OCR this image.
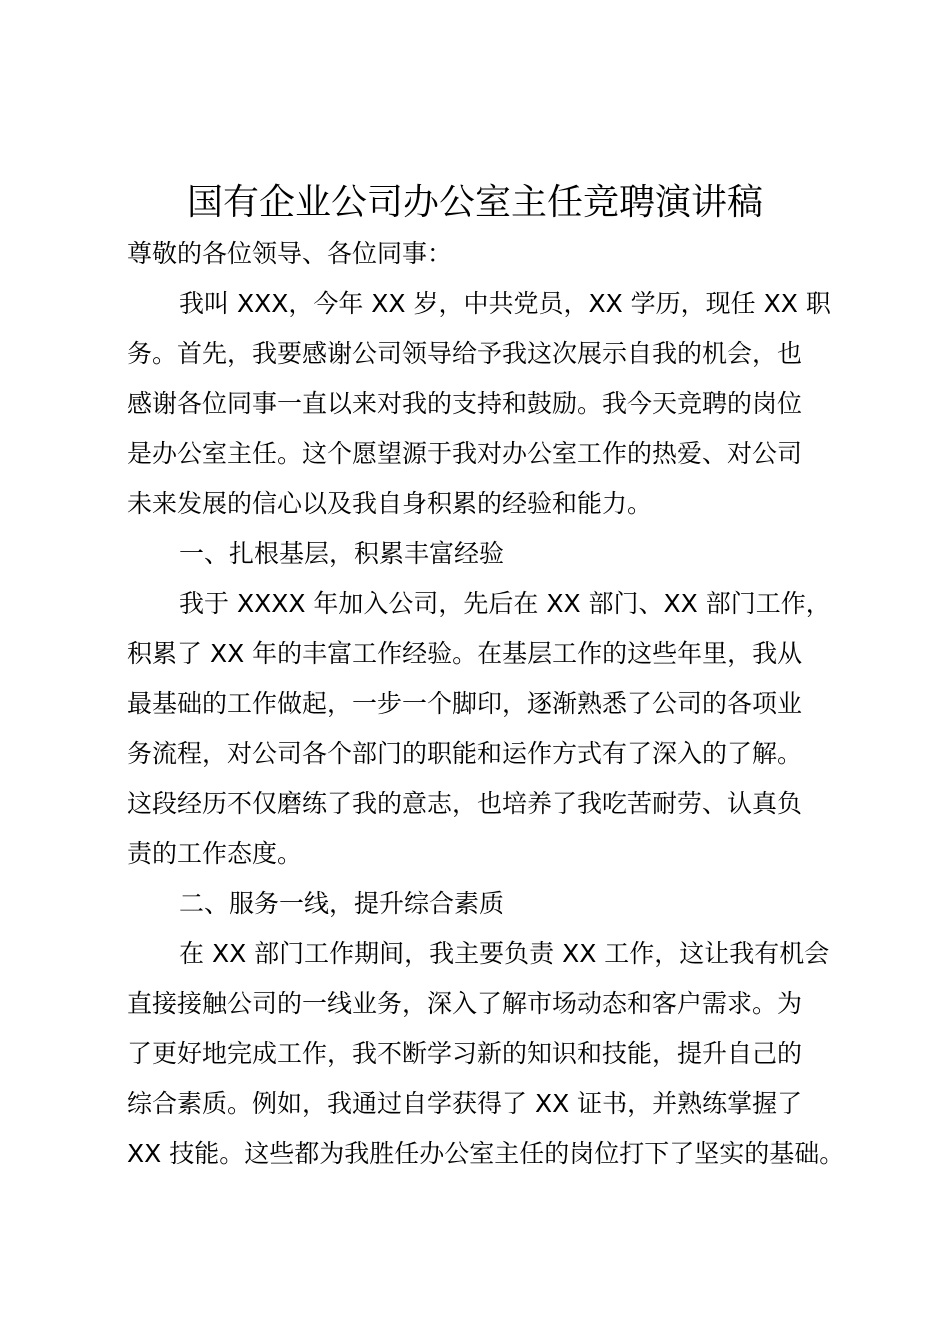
国有企业公司办公室主任竞聘演讲稿
尊敬的各位领导、各位同事：
我叫 XXX，今年 XX 岁，中共党员，XX 学历，现任 XX 职
务。首先，我要感谢公司领导给予我这次展示自我的机会，也
感谢各位同事一直以来对我的支持和鼓励。我今天竞聘的岗位
是办公室主任。这个愿望源于我对办公室工作的热爱、对公司
未来发展的信心以及我自身积累的经验和能力。
一、扎根基层，积累丰富经验
我于 XXXX 年加入公司，先后在 XX 部门、XX 部门工作，
积累了 XX 年的丰富工作经验。在基层工作的这些年里，我从
最基础的工作做起，一步一个脚印，逐渐熟悉了公司的各项业
务流程，对公司各个部门的职能和运作方式有了深入的了解。
这段经历不仅磨练了我的意志，也培养了我吃苦耐劳、认真负
责的工作态度。
二、服务一线，提升综合素质
在 XX 部门工作期间，我主要负责 XX 工作，这让我有机会
直接接触公司的一线业务，深入了解市场动态和客户需求。为
了更好地完成工作，我不断学习新的知识和技能，提升自己的
综合素质。例如，我通过自学获得了 XX 证书，并熟练掌握了
XX 技能。这些都为我胜任办公室主任的岗位打下了坚实的基础。
